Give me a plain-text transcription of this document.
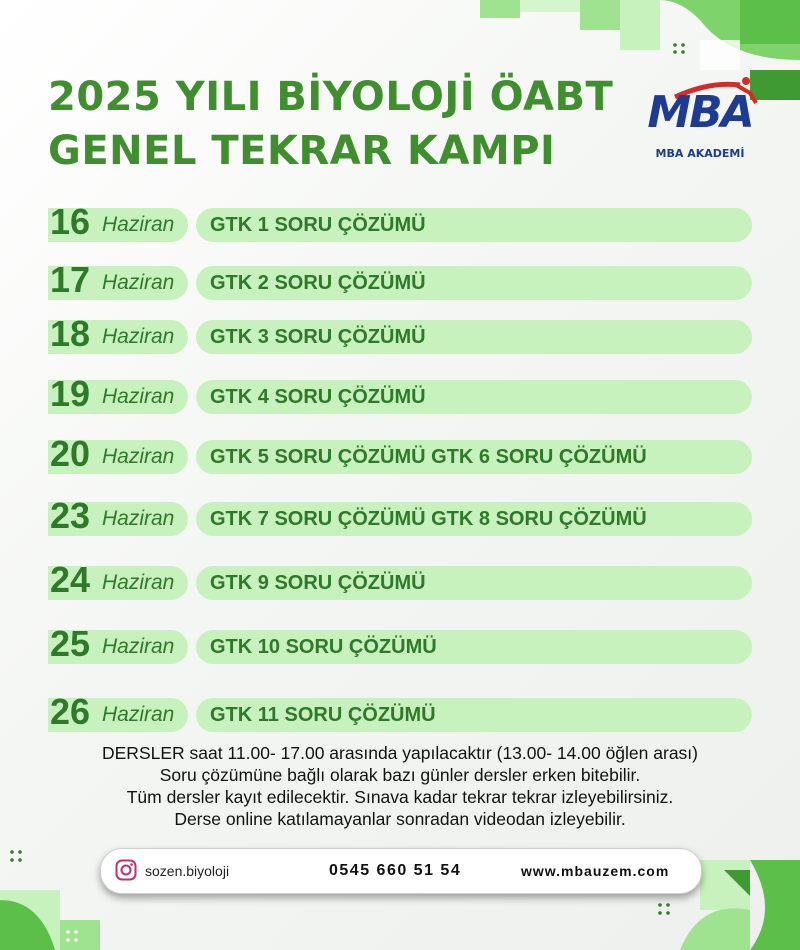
2025 YILI BİYOLOJİ ÖABT
GENEL TEKRAR KAMPI
MBA
MBA AKADEMİ
16 Haziran GTK 1 SORU ÇÖZÜMÜ
17 Haziran GTK 2 SORU ÇÖZÜMÜ
18 Haziran GTK 3 SORU ÇÖZÜMÜ
19 Haziran GTK 4 SORU ÇÖZÜMÜ
20 Haziran GTK 5 SORU ÇÖZÜMÜ GTK 6 SORU ÇÖZÜMÜ
23 Haziran GTK 7 SORU ÇÖZÜMÜ GTK 8 SORU ÇÖZÜMÜ
24 Haziran GTK 9 SORU ÇÖZÜMÜ
25 Haziran GTK 10 SORU ÇÖZÜMÜ
26 Haziran GTK 11 SORU ÇÖZÜMÜ
DERSLER saat 11.00- 17.00 arasında yapılacaktır (13.00- 14.00 öğlen arası)
Soru çözümüne bağlı olarak bazı günler dersler erken bitebilir.
Tüm dersler kayıt edilecektir. Sınava kadar tekrar tekrar izleyebilirsiniz.
Derse online katılamayanlar sonradan videodan izleyebilir.
sozen.biyoloji	0545 660 51 54	www.mbauzem.com
